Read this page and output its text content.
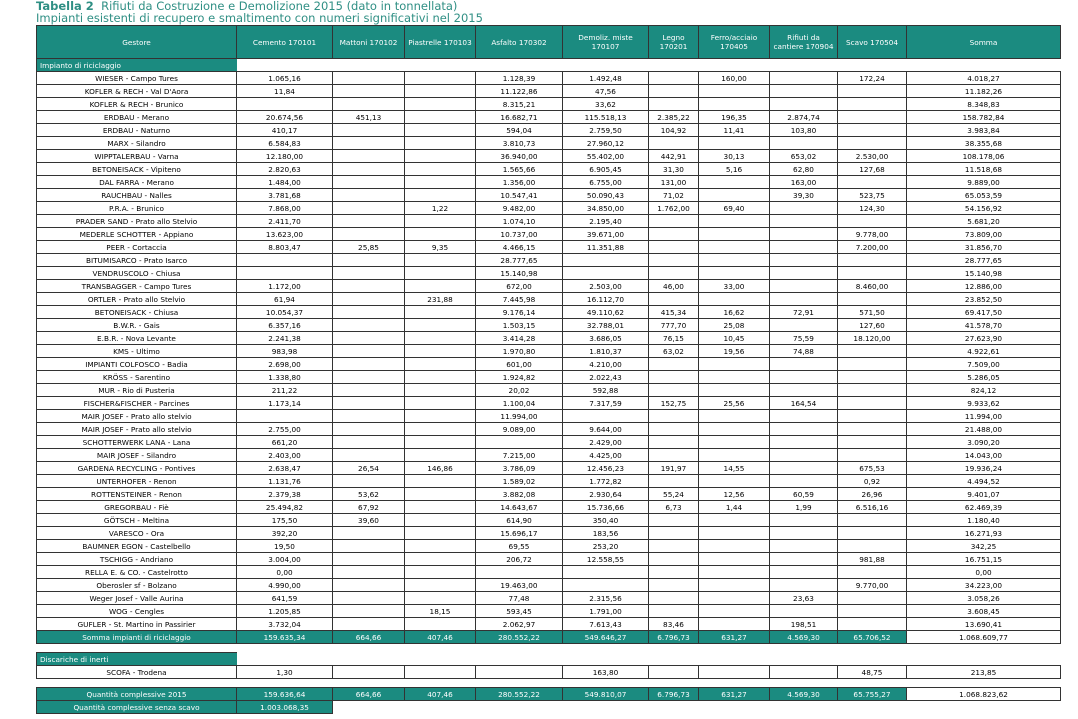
Tabella 2 Rifiuti da Costruzione e Demolizione 2015 (dato in tonnellata)
Impianti esistenti di recupero e smaltimento con numeri significativi nel 2015
Gestore	Cemento 170101	Mattoni 170102	Piastrelle 170103	Asfalto 170302	Demoliz. miste 170107	Legno 170201	Ferro/acciaio 170405	Rifiuti da cantiere 170904	Scavo 170504	Somma
Impianto di riciclaggio										
WIESER - Campo Tures	1.065,16			1.128,39	1.492,48		160,00		172,24	4.018,27
KOFLER & RECH - Val D'Aora	11,84			11.122,86	47,56					11.182,26
KOFLER & RECH - Brunico				8.315,21	33,62					8.348,83
ERDBAU - Merano	20.674,56	451,13		16.682,71	115.518,13	2.385,22	196,35	2.874,74		158.782,84
ERDBAU - Naturno	410,17			594,04	2.759,50	104,92	11,41	103,80		3.983,84
MARX - Silandro	6.584,83			3.810,73	27.960,12					38.355,68
WIPPTALERBAU - Varna	12.180,00			36.940,00	55.402,00	442,91	30,13	653,02	2.530,00	108.178,06
BETONEISACK - Vipiteno	2.820,63			1.565,66	6.905,45	31,30	5,16	62,80	127,68	11.518,68
DAL FARRA - Merano	1.484,00			1.356,00	6.755,00	131,00		163,00		9.889,00
RAUCHBAU - Nalles	3.781,68			10.547,41	50.090,43	71,02		39,30	523,75	65.053,59
P.R.A. - Brunico	7.868,00		1,22	9.482,00	34.850,00	1.762,00	69,40		124,30	54.156,92
PRADER SAND - Prato allo Stelvio	2.411,70			1.074,10	2.195,40					5.681,20
MEDERLE SCHOTTER - Appiano	13.623,00			10.737,00	39.671,00				9.778,00	73.809,00
PEER - Cortaccia	8.803,47	25,85	9,35	4.466,15	11.351,88				7.200,00	31.856,70
BITUMISARCO - Prato Isarco				28.777,65						28.777,65
VENDRUSCOLO - Chiusa				15.140,98						15.140,98
TRANSBAGGER - Campo Tures	1.172,00			672,00	2.503,00	46,00	33,00		8.460,00	12.886,00
ORTLER - Prato allo Stelvio	61,94		231,88	7.445,98	16.112,70					23.852,50
BETONEISACK - Chiusa	10.054,37			9.176,14	49.110,62	415,34	16,62	72,91	571,50	69.417,50
B.W.R. - Gais	6.357,16			1.503,15	32.788,01	777,70	25,08		127,60	41.578,70
E.B.R. - Nova Levante	2.241,38			3.414,28	3.686,05	76,15	10,45	75,59	18.120,00	27.623,90
KMS - Ultimo	983,98			1.970,80	1.810,37	63,02	19,56	74,88		4.922,61
IMPIANTI COLFOSCO - Badia	2.698,00			601,00	4.210,00					7.509,00
KRÖSS - Sarentino	1.338,80			1.924,82	2.022,43					5.286,05
MUR - Rio di Pusteria	211,22			20,02	592,88					824,12
FISCHER&FISCHER - Parcines	1.173,14			1.100,04	7.317,59	152,75	25,56	164,54		9.933,62
MAIR JOSEF - Prato allo stelvio				11.994,00						11.994,00
MAIR JOSEF - Prato allo stelvio	2.755,00			9.089,00	9.644,00					21.488,00
SCHOTTERWERK LANA - Lana	661,20				2.429,00					3.090,20
MAIR JOSEF - Silandro	2.403,00			7.215,00	4.425,00					14.043,00
GARDENA RECYCLING - Pontives	2.638,47	26,54	146,86	3.786,09	12.456,23	191,97	14,55		675,53	19.936,24
UNTERHOFER - Renon	1.131,76			1.589,02	1.772,82				0,92	4.494,52
ROTTENSTEINER - Renon	2.379,38	53,62		3.882,08	2.930,64	55,24	12,56	60,59	26,96	9.401,07
GREGORBAU - Fiè	25.494,82	67,92		14.643,67	15.736,66	6,73	1,44	1,99	6.516,16	62.469,39
GÖTSCH - Meltina	175,50	39,60		614,90	350,40					1.180,40
VARESCO - Ora	392,20			15.696,17	183,56					16.271,93
BAUMNER EGON - Castelbello	19,50			69,55	253,20					342,25
TSCHIGG - Andriano	3.004,00			206,72	12.558,55				981,88	16.751,15
RELLA E. & CO. - Castelrotto	0,00									0,00
Oberosler sf - Bolzano	4.990,00			19.463,00					9.770,00	34.223,00
Weger Josef - Valle Aurina	641,59			77,48	2.315,56			23,63		3.058,26
WOG - Cengles	1.205,85		18,15	593,45	1.791,00					3.608,45
GUFLER - St. Martino in Passirier	3.732,04			2.062,97	7.613,43	83,46		198,51		13.690,41
Somma impianti di riciclaggio	159.635,34	664,66	407,46	280.552,22	549.646,27	6.796,73	631,27	4.569,30	65.706,52	1.068.609,77

Discariche di inerti										
SCOFA - Trodena	1,30				163,80				48,75	213,85

Quantità complessive 2015	159.636,64	664,66	407,46	280.552,22	549.810,07	6.796,73	631,27	4.569,30	65.755,27	1.068.823,62
Quantità complessive senza scavo	1.003.068,35									
